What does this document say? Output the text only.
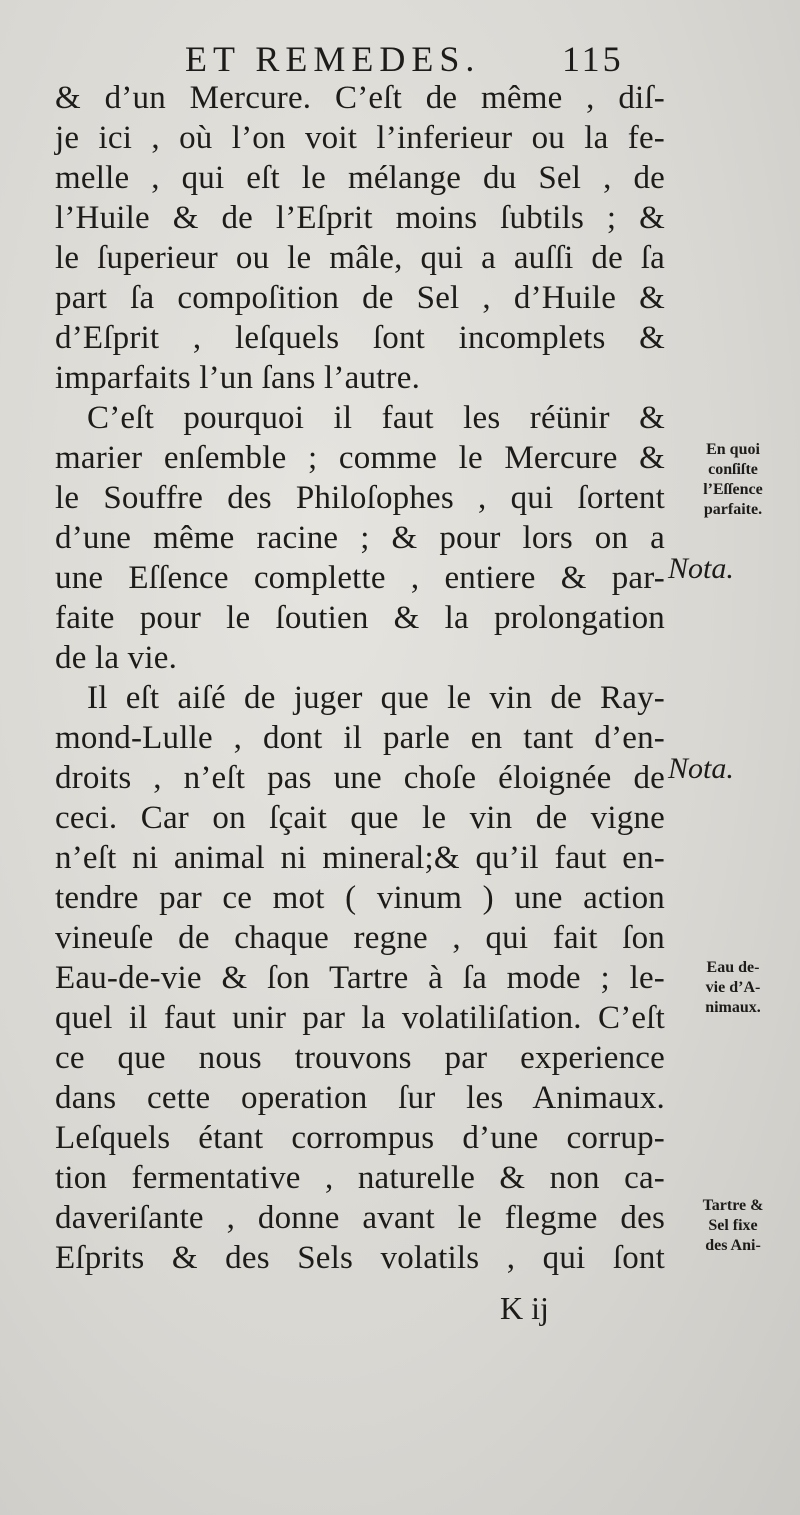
ET REMEDES. 115
& d’un Mercure. C’eſt de même , diſ-
je ici , où l’on voit l’inferieur ou la fe-
melle , qui eſt le mélange du Sel , de
l’Huile & de l’Eſprit moins ſubtils ; &
le ſuperieur ou le mâle, qui a auſſi de ſa
part ſa compoſition de Sel , d’Huile &
d’Eſprit , leſquels ſont incomplets &
imparfaits l’un ſans l’autre.
C’eſt pourquoi il faut les réünir &
marier enſemble ; comme le Mercure &
le Souffre des Philoſophes , qui ſortent
d’une même racine ; & pour lors on a
une Eſſence complette , entiere & par-
faite pour le ſoutien & la prolongation
de la vie.
Il eſt aiſé de juger que le vin de Ray-
mond-Lulle , dont il parle en tant d’en-
droits , n’eſt pas une choſe éloignée de
ceci. Car on ſçait que le vin de vigne
n’eſt ni animal ni mineral;& qu’il faut en-
tendre par ce mot ( vinum ) une action
vineuſe de chaque regne , qui fait ſon
Eau-de-vie & ſon Tartre à ſa mode ; le-
quel il faut unir par la volatiliſation. C’eſt
ce que nous trouvons par experience
dans cette operation ſur les Animaux.
Leſquels étant corrompus d’une corrup-
tion fermentative , naturelle & non ca-
daveriſante , donne avant le flegme des
Eſprits & des Sels volatils , qui ſont
En quoi
conſiſte
l’Eſſence
parfaite.
Nota.
Nota.
Eau de-
vie d’A-
nimaux.
Tartre &
Sel fixe
des Ani-
K ij
